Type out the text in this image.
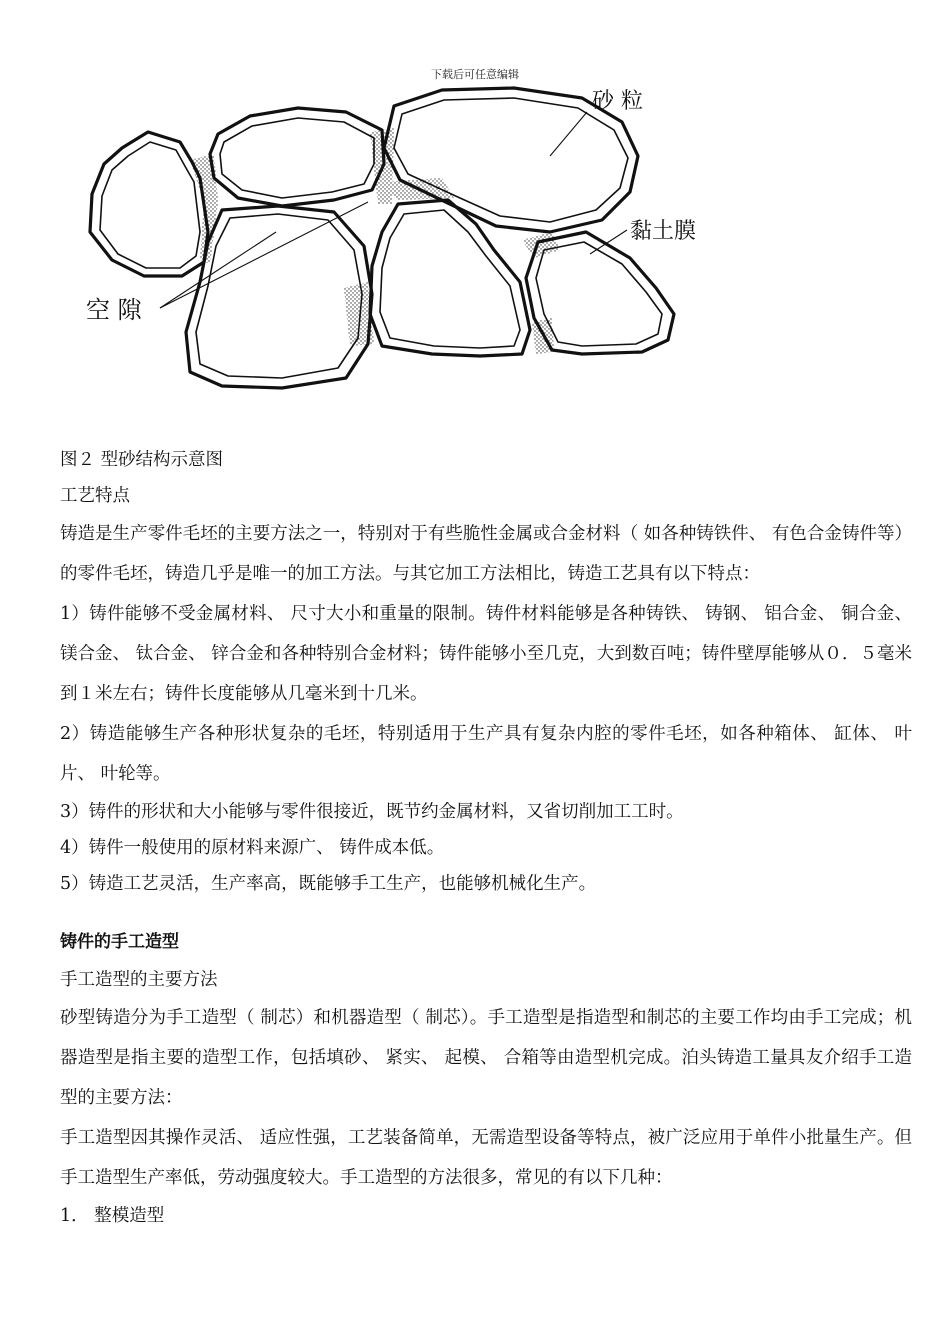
下载后可任意编辑
砂 粒
黏土膜
空 隙
图２ 型砂结构示意图
工艺特点
铸造是生产零件毛坯的主要方法之一，特别对于有些脆性金属或合金材料（ 如各种铸铁件、 有色合金铸件等）的零件毛坯，铸造几乎是唯一的加工方法。与其它加工方法相比，铸造工艺具有以下特点：
1）铸件能够不受金属材料、 尺寸大小和重量的限制。铸件材料能够是各种铸铁、 铸钢、 铝合金、 铜合金、 镁合金、 钛合金、 锌合金和各种特别合金材料；铸件能够小至几克，大到数百吨；铸件壁厚能够从０．５毫米到１米左右；铸件长度能够从几毫米到十几米。
2）铸造能够生产各种形状复杂的毛坯，特别适用于生产具有复杂内腔的零件毛坯，如各种箱体、 缸体、 叶片、 叶轮等。
3）铸件的形状和大小能够与零件很接近，既节约金属材料，又省切削加工工时。
4）铸件一般使用的原材料来源广、 铸件成本低。
5）铸造工艺灵活，生产率高，既能够手工生产，也能够机械化生产。
铸件的手工造型
手工造型的主要方法
砂型铸造分为手工造型（ 制芯）和机器造型（ 制芯）。手工造型是指造型和制芯的主要工作均由手工完成；机器造型是指主要的造型工作，包括填砂、 紧实、 起模、 合箱等由造型机完成。泊头铸造工量具友介绍手工造型的主要方法：
手工造型因其操作灵活、 适应性强，工艺装备简单，无需造型设备等特点，被广泛应用于单件小批量生产。但手工造型生产率低，劳动强度较大。手工造型的方法很多，常见的有以下几种：
1． 整模造型
